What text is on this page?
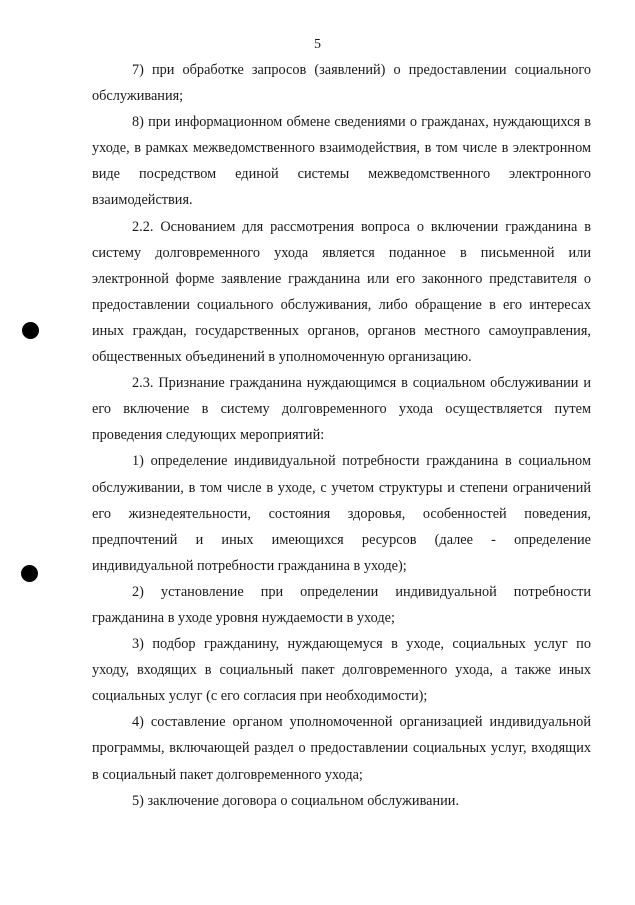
5

7) при обработке запросов (заявлений) о предоставлении социального обслуживания;

8) при информационном обмене сведениями о гражданах, нуждающихся в уходе, в рамках межведомственного взаимодействия, в том числе в электронном виде посредством единой системы межведомственного электронного взаимодействия.

2.2. Основанием для рассмотрения вопроса о включении гражданина в систему долговременного ухода является поданное в письменной или электронной форме заявление гражданина или его законного представителя о предоставлении социального обслуживания, либо обращение в его интересах иных граждан, государственных органов, органов местного самоуправления, общественных объединений в уполномоченную организацию.

2.3. Признание гражданина нуждающимся в социальном обслуживании и его включение в систему долговременного ухода осуществляется путем проведения следующих мероприятий:

1) определение индивидуальной потребности гражданина в социальном обслуживании, в том числе в уходе, с учетом структуры и степени ограничений его жизнедеятельности, состояния здоровья, особенностей поведения, предпочтений и иных имеющихся ресурсов (далее - определение индивидуальной потребности гражданина в уходе);

2) установление при определении индивидуальной потребности гражданина в уходе уровня нуждаемости в уходе;

3) подбор гражданину, нуждающемуся в уходе, социальных услуг по уходу, входящих в социальный пакет долговременного ухода, а также иных социальных услуг (с его согласия при необходимости);

4) составление органом уполномоченной организацией индивидуальной программы, включающей раздел о предоставлении социальных услуг, входящих в социальный пакет долговременного ухода;

5) заключение договора о социальном обслуживании.
